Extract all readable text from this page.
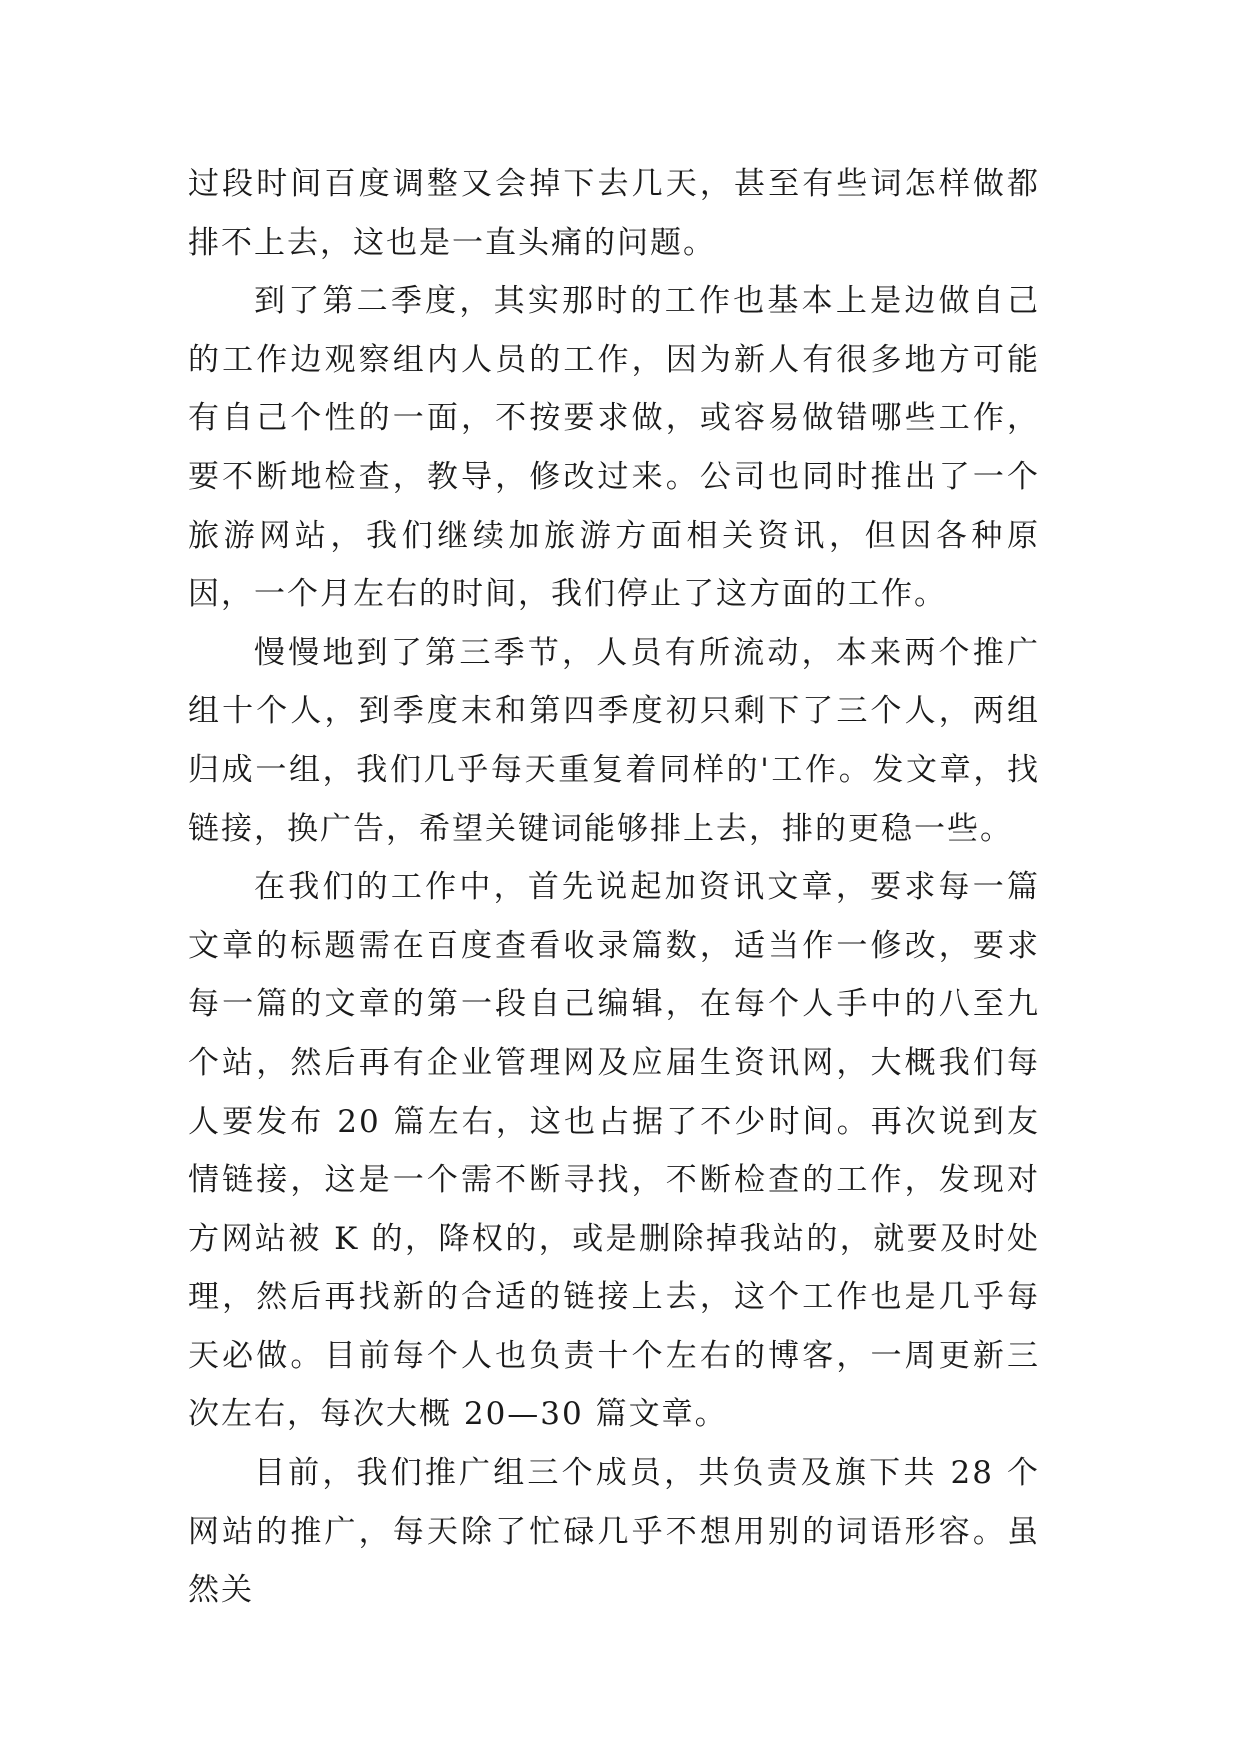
过段时间百度调整又会掉下去几天，甚至有些词怎样做都排不上去，这也是一直头痛的问题。

到了第二季度，其实那时的工作也基本上是边做自己的工作边观察组内人员的工作，因为新人有很多地方可能有自己个性的一面，不按要求做，或容易做错哪些工作，要不断地检查，教导，修改过来。公司也同时推出了一个旅游网站，我们继续加旅游方面相关资讯，但因各种原因，一个月左右的时间，我们停止了这方面的工作。

慢慢地到了第三季节，人员有所流动，本来两个推广组十个人，到季度末和第四季度初只剩下了三个人，两组归成一组，我们几乎每天重复着同样的'工作。发文章，找链接，换广告，希望关键词能够排上去，排的更稳一些。

在我们的工作中，首先说起加资讯文章，要求每一篇文章的标题需在百度查看收录篇数，适当作一修改，要求每一篇的文章的第一段自己编辑，在每个人手中的八至九个站，然后再有企业管理网及应届生资讯网，大概我们每人要发布 20 篇左右，这也占据了不少时间。再次说到友情链接，这是一个需不断寻找，不断检查的工作，发现对方网站被 K 的，降权的，或是删除掉我站的，就要及时处理，然后再找新的合适的链接上去，这个工作也是几乎每天必做。目前每个人也负责十个左右的博客，一周更新三次左右，每次大概 20—30 篇文章。

目前，我们推广组三个成员，共负责及旗下共 28 个网站的推广，每天除了忙碌几乎不想用别的词语形容。虽然关
